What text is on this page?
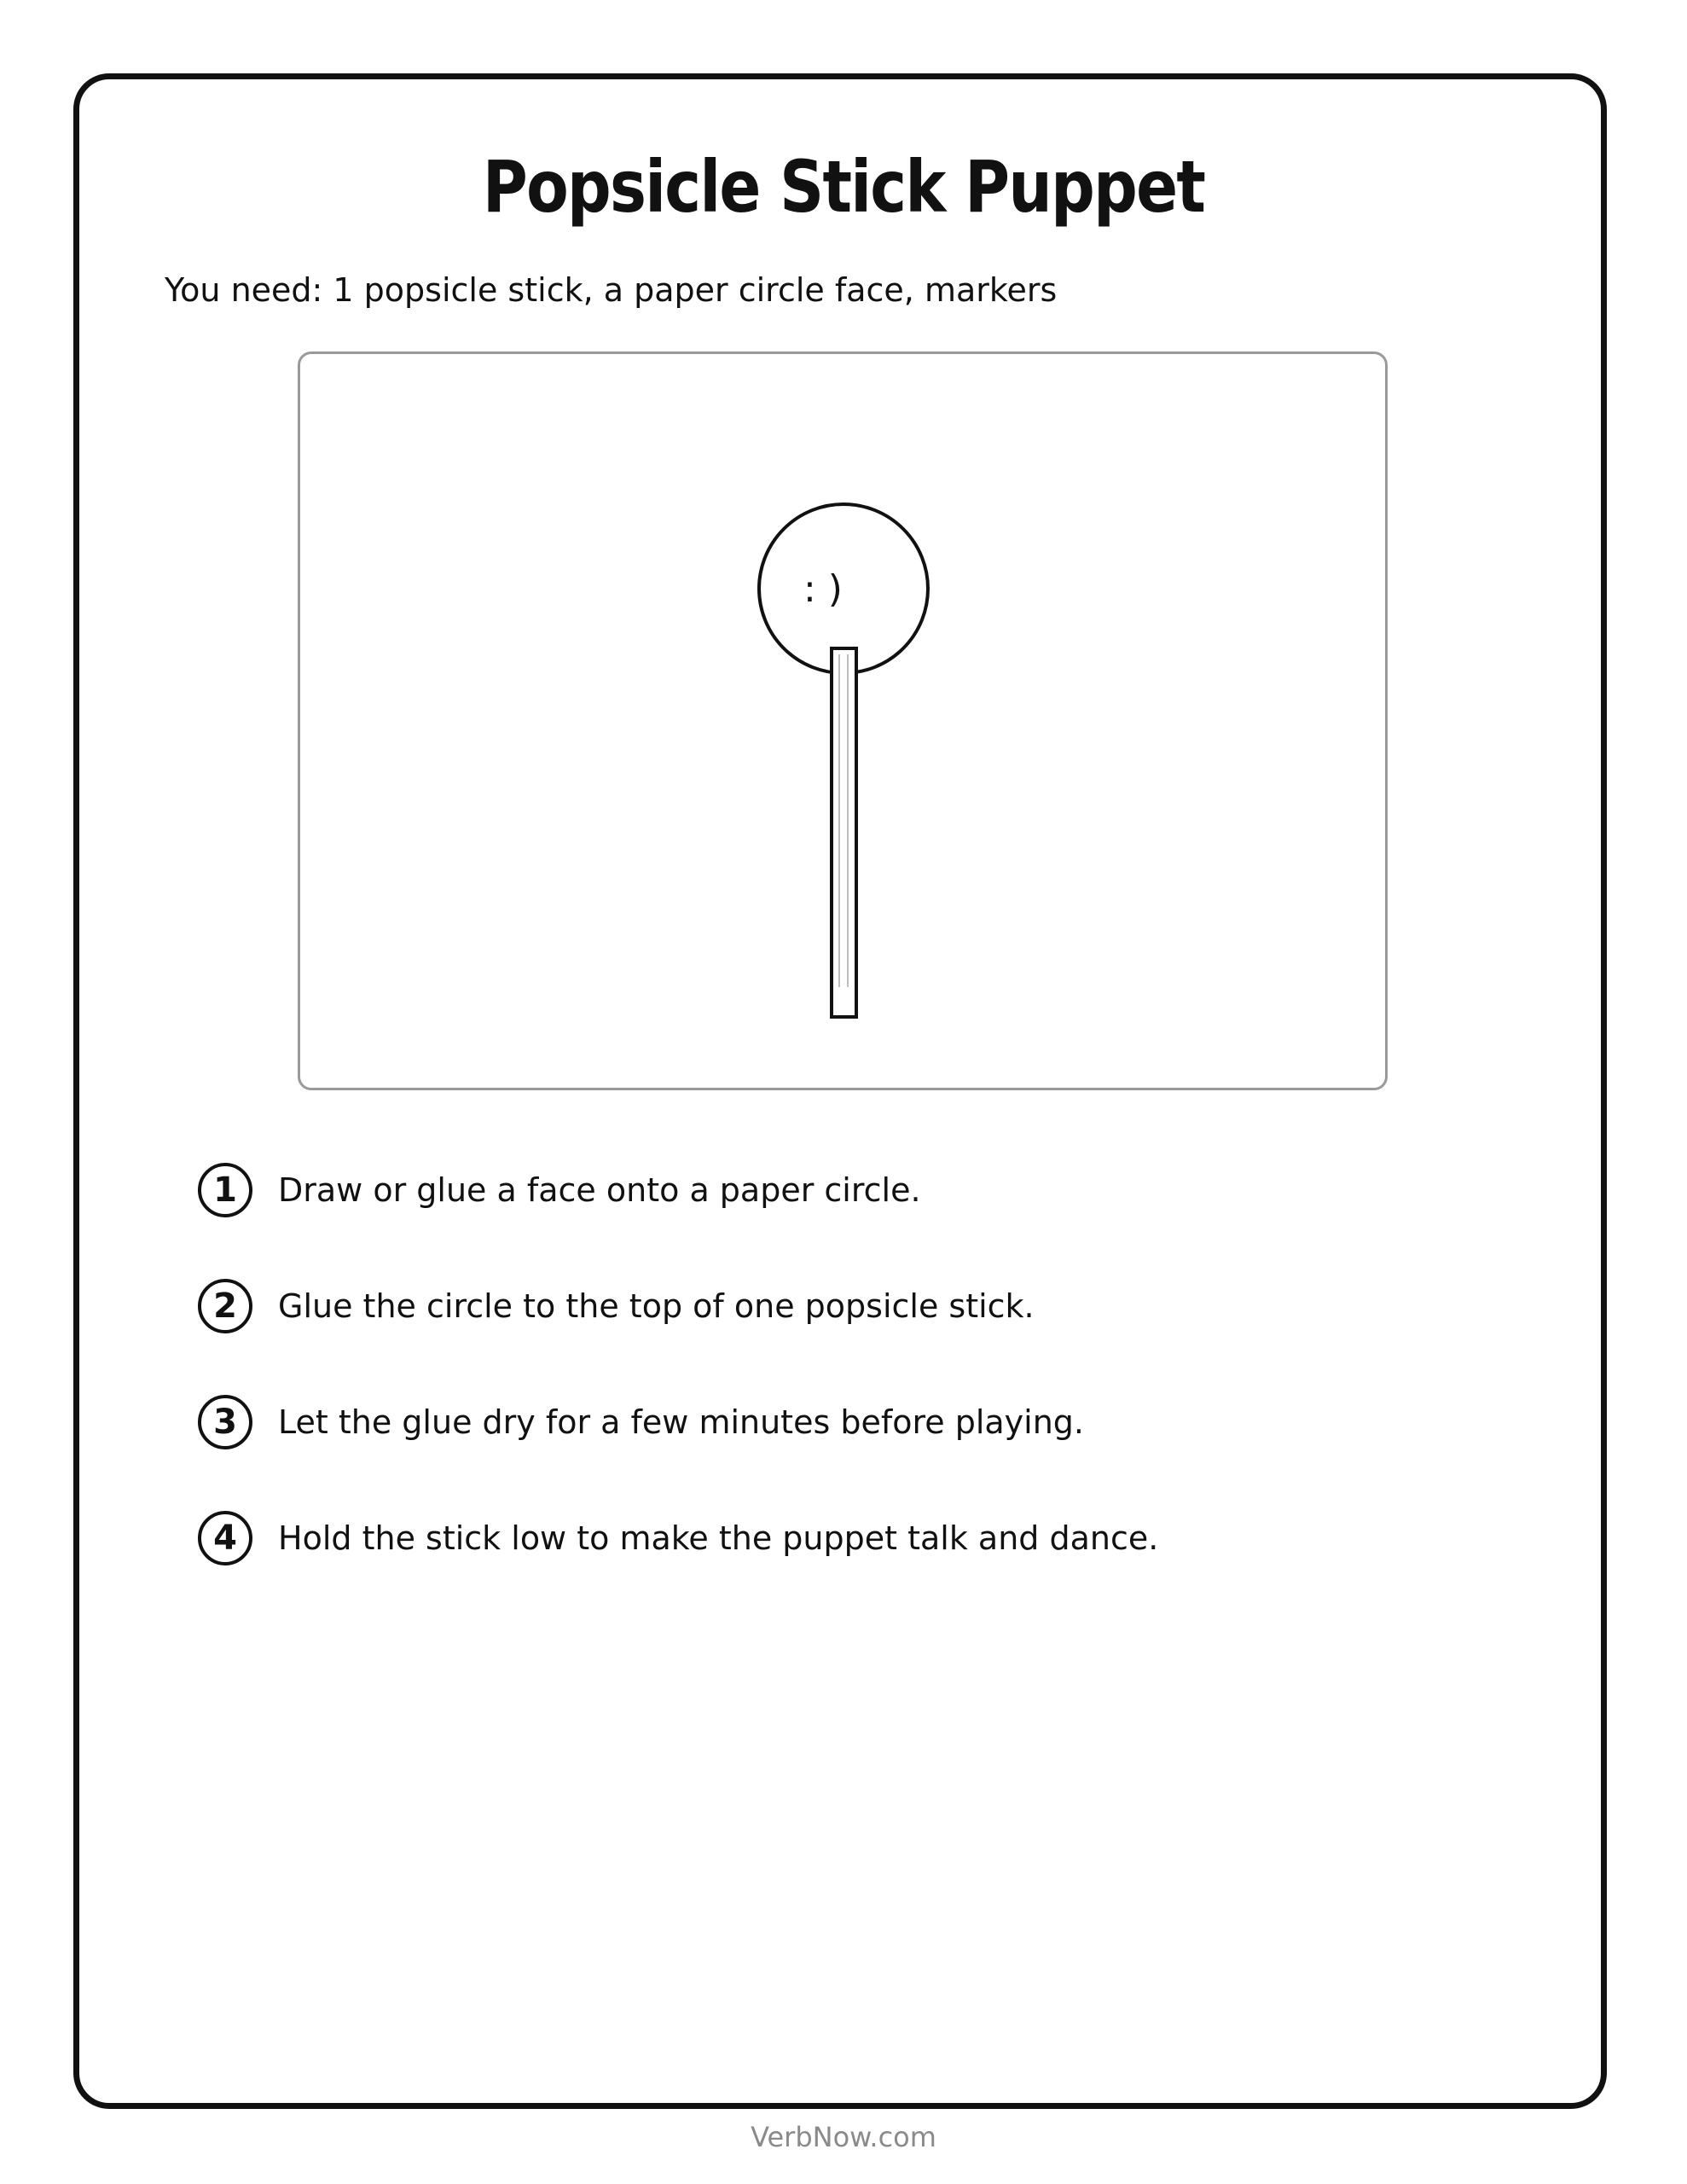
Popsicle Stick Puppet
You need: 1 popsicle stick, a paper circle face, markers
: )
1	Draw or glue a face onto a paper circle.
2	Glue the circle to the top of one popsicle stick.
3	Let the glue dry for a few minutes before playing.
4	Hold the stick low to make the puppet talk and dance.
VerbNow.com
